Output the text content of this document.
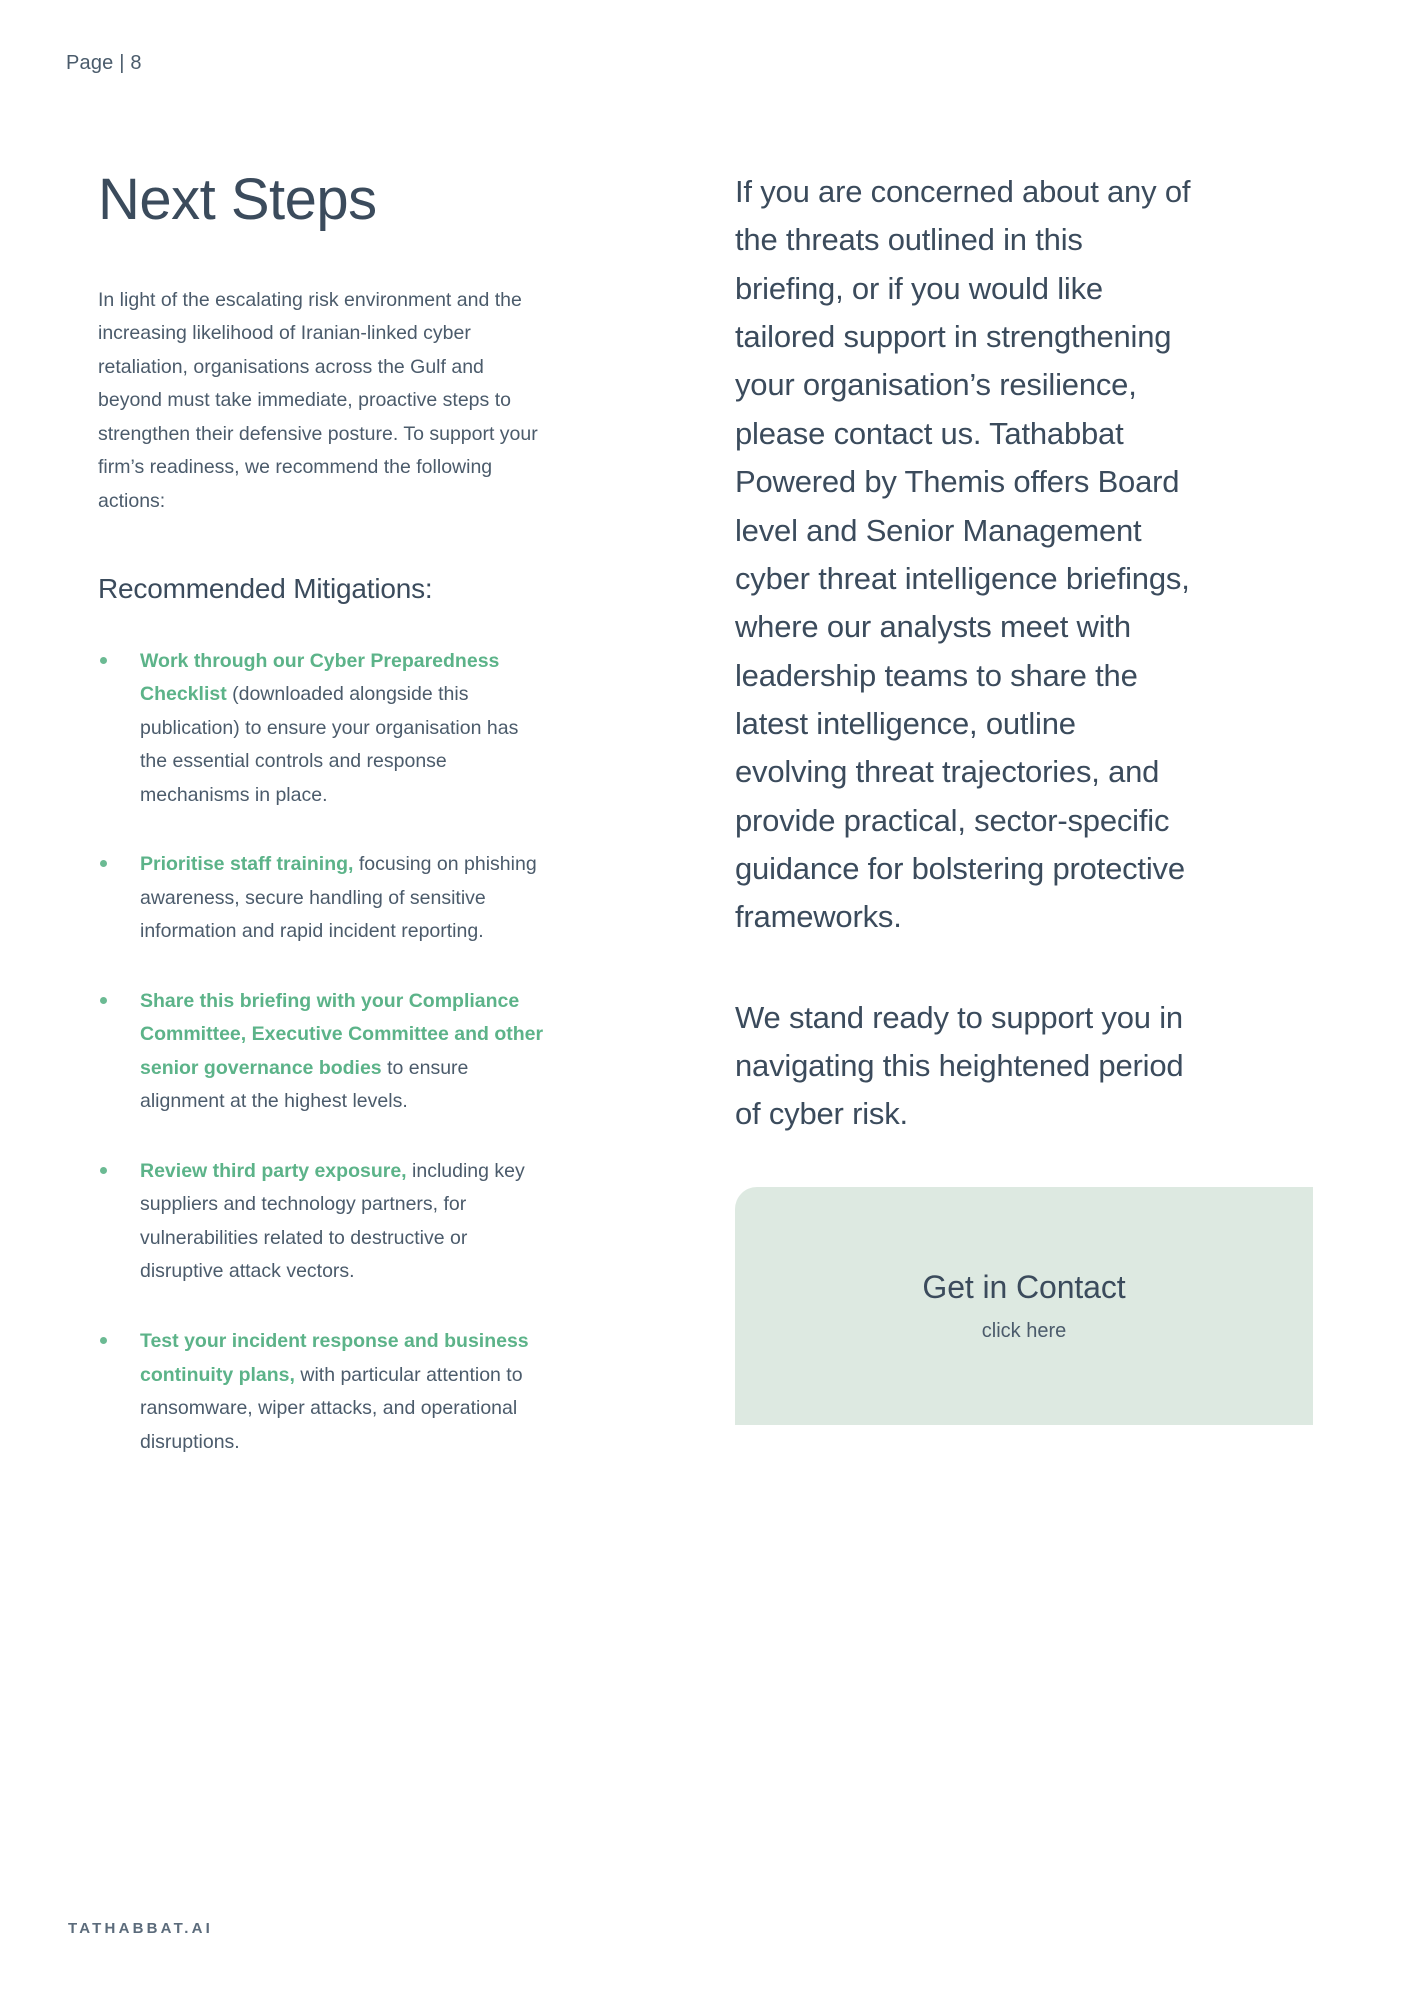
Page | 8
Next Steps

In light of the escalating risk environment and the increasing likelihood of Iranian-linked cyber retaliation, organisations across the Gulf and beyond must take immediate, proactive steps to strengthen their defensive posture. To support your firm’s readiness, we recommend the following actions:

Recommended Mitigations:
Work through our Cyber Preparedness Checklist (downloaded alongside this publication) to ensure your organisation has the essential controls and response mechanisms in place.
Prioritise staff training, focusing on phishing awareness, secure handling of sensitive information and rapid incident reporting.
Share this briefing with your Compliance Committee, Executive Committee and other senior governance bodies to ensure alignment at the highest levels.
Review third party exposure, including key suppliers and technology partners, for vulnerabilities related to destructive or disruptive attack vectors.
Test your incident response and business continuity plans, with particular attention to ransomware, wiper attacks, and operational disruptions.

If you are concerned about any of the threats outlined in this briefing, or if you would like tailored support in strengthening your organisation’s resilience, please contact us. Tathabbat Powered by Themis offers Board level and Senior Management cyber threat intelligence briefings, where our analysts meet with leadership teams to share the latest intelligence, outline evolving threat trajectories, and provide practical, sector-specific guidance for bolstering protective frameworks.

We stand ready to support you in navigating this heightened period of cyber risk.

Get in Contact
click here
TATHABBAT.AI
